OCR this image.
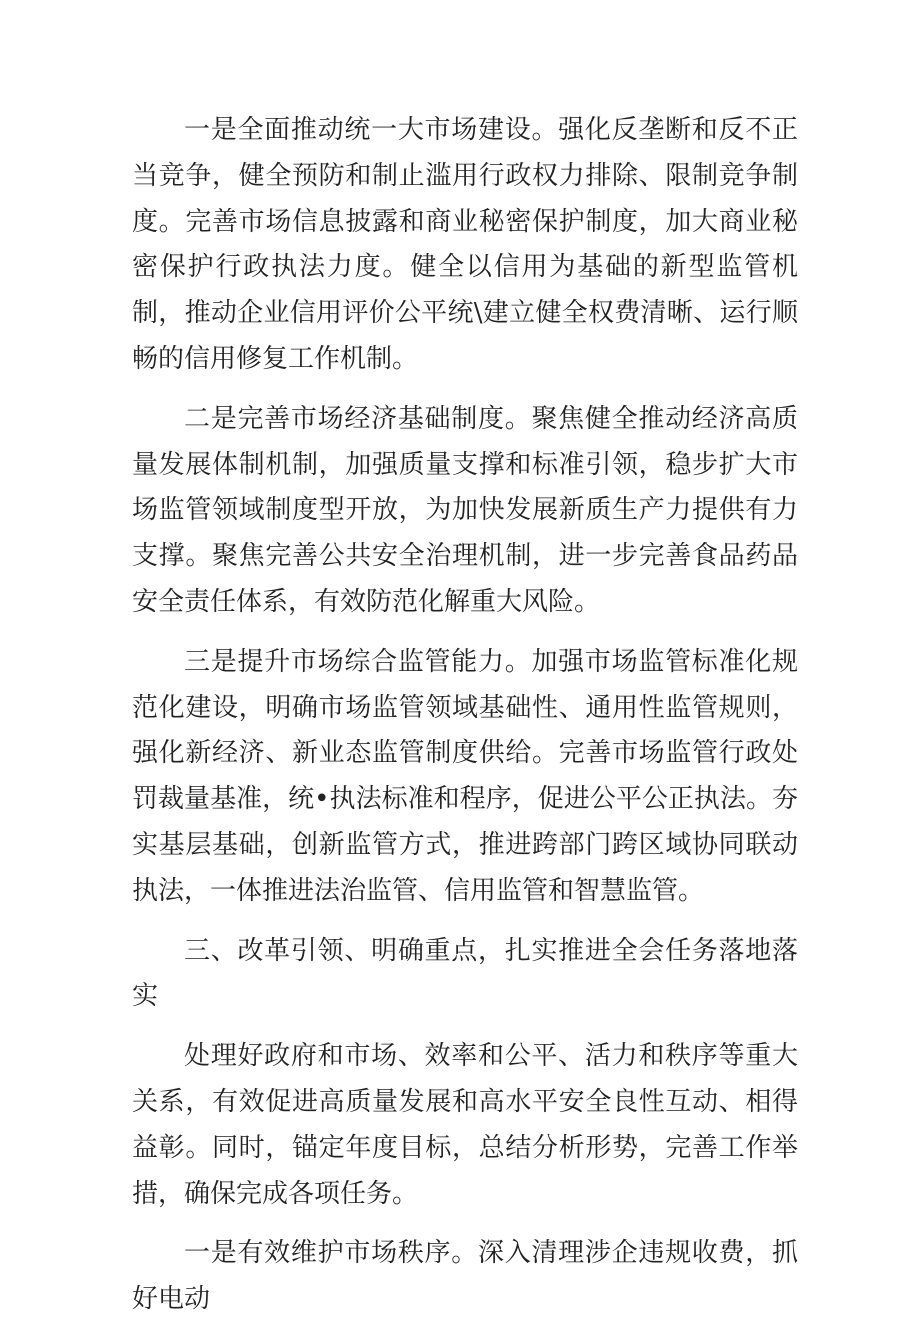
一是全面推动统一大市场建设。强化反垄断和反不正当竞争，健全预防和制止滥用行政权力排除、限制竞争制度。完善市场信息披露和商业秘密保护制度，加大商业秘密保护行政执法力度。健全以信用为基础的新型监管机制，推动企业信用评价公平统\建立健全权费清晰、运行顺畅的信用修复工作机制。

二是完善市场经济基础制度。聚焦健全推动经济高质量发展体制机制，加强质量支撑和标准引领，稳步扩大市场监管领域制度型开放，为加快发展新质生产力提供有力支撑。聚焦完善公共安全治理机制，进一步完善食品药品安全责任体系，有效防范化解重大风险。

三是提升市场综合监管能力。加强市场监管标准化规范化建设，明确市场监管领域基础性、通用性监管规则，强化新经济、新业态监管制度供给。完善市场监管行政处罚裁量基准，统•执法标准和程序，促进公平公正执法。夯实基层基础，创新监管方式，推进跨部门跨区域协同联动执法，一体推进法治监管、信用监管和智慧监管。

三、改革引领、明确重点，扎实推进全会任务落地落实

处理好政府和市场、效率和公平、活力和秩序等重大关系，有效促进高质量发展和高水平安全良性互动、相得益彰。同时，锚定年度目标，总结分析形势，完善工作举措，确保完成各项任务。

一是有效维护市场秩序。深入清理涉企违规收费，抓好电动
